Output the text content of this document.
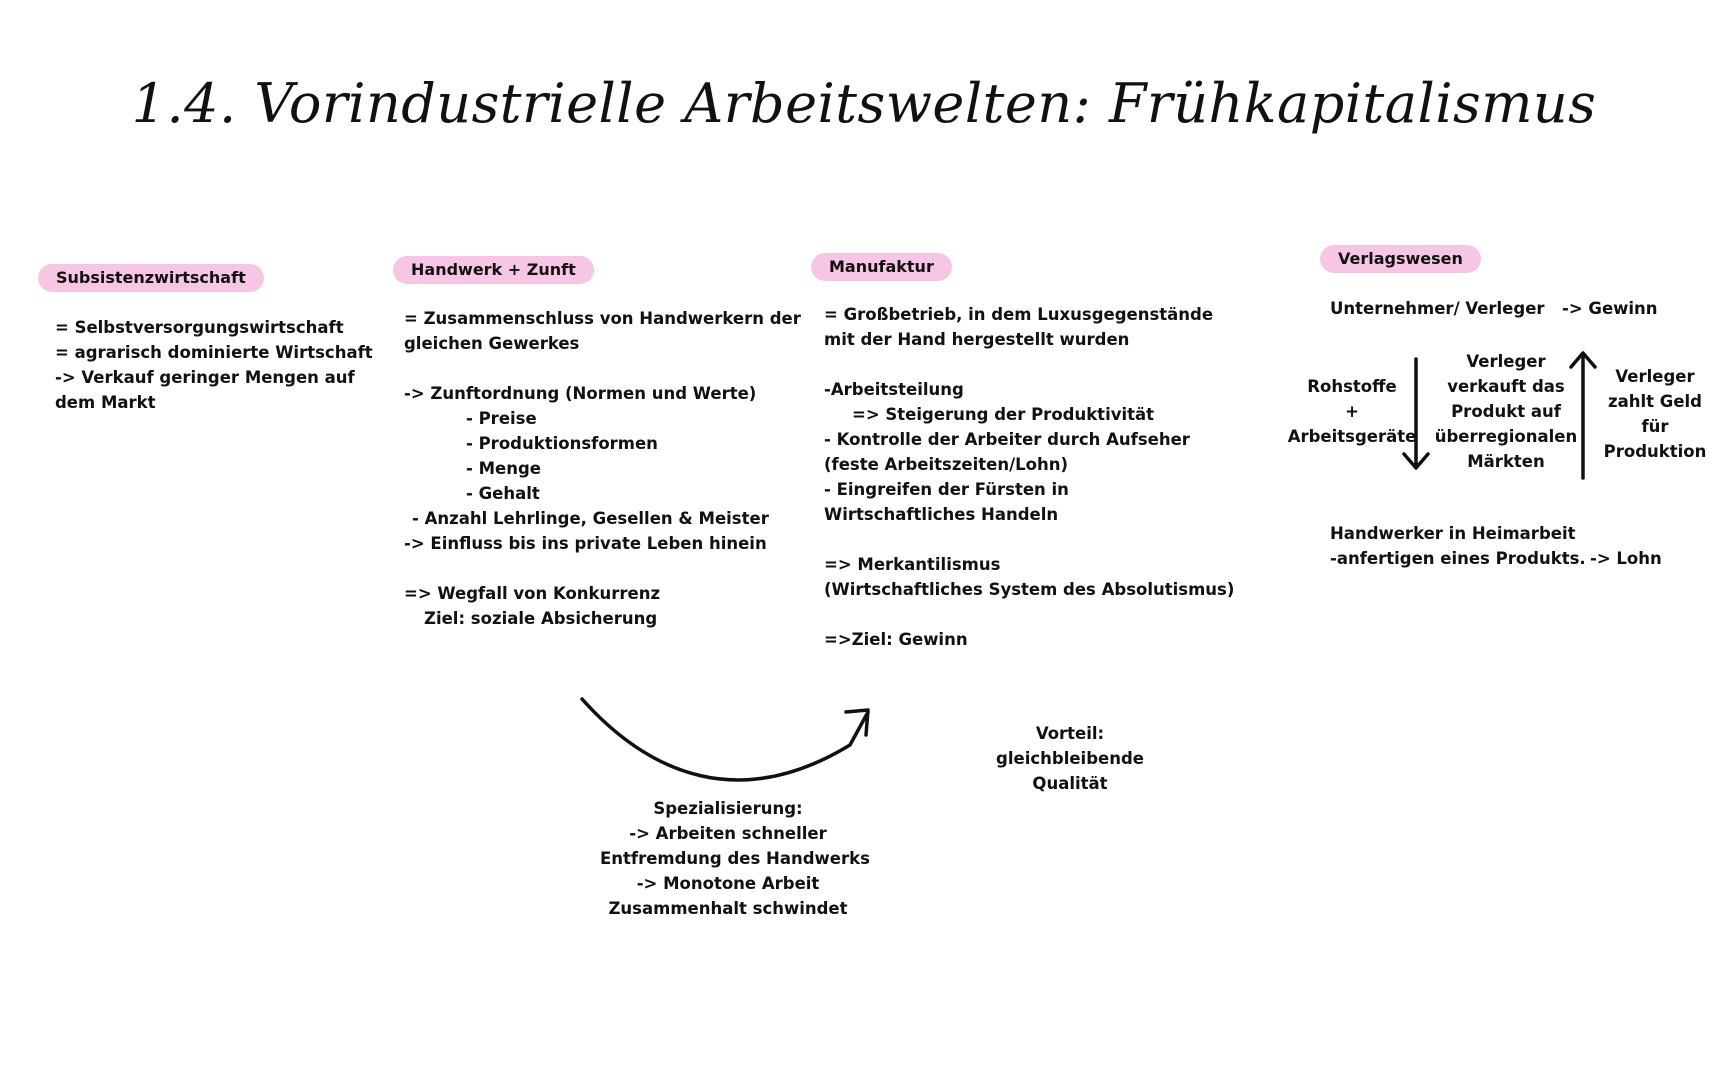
1.4. Vorindustrielle Arbeitswelten: Frühkapitalismus
Subsistenzwirtschaft
= Selbstversorgungswirtschaft
= agrarisch dominierte Wirtschaft
-> Verkauf geringer Mengen auf
dem Markt
Handwerk + Zunft
= Zusammenschluss von Handwerkern der
gleichen Gewerkes
-> Zunftordnung (Normen und Werte)
- Preise
- Produktionsformen
- Menge
- Gehalt
- Anzahl Lehrlinge, Gesellen & Meister
-> Einfluss bis ins private Leben hinein
=> Wegfall von Konkurrenz
Ziel: soziale Absicherung
Manufaktur
= Großbetrieb, in dem Luxusgegenstände
mit der Hand hergestellt wurden
-Arbeitsteilung
=> Steigerung der Produktivität
- Kontrolle der Arbeiter durch Aufseher
(feste Arbeitszeiten/Lohn)
- Eingreifen der Fürsten in
Wirtschaftliches Handeln
=> Merkantilismus
(Wirtschaftliches System des Absolutismus)
=>Ziel: Gewinn
Spezialisierung:
-> Arbeiten schneller
Entfremdung des Handwerks
-> Monotone Arbeit
Zusammenhalt schwindet
Vorteil:
gleichbleibende
Qualität
Verlagswesen
Unternehmer/ Verleger -> Gewinn
Rohstoffe
+
Arbeitsgeräte
Verleger
verkauft das
Produkt auf
überregionalen
Märkten
Verleger
zahlt Geld
für
Produktion
Handwerker in Heimarbeit
-anfertigen eines Produkts. -> Lohn
